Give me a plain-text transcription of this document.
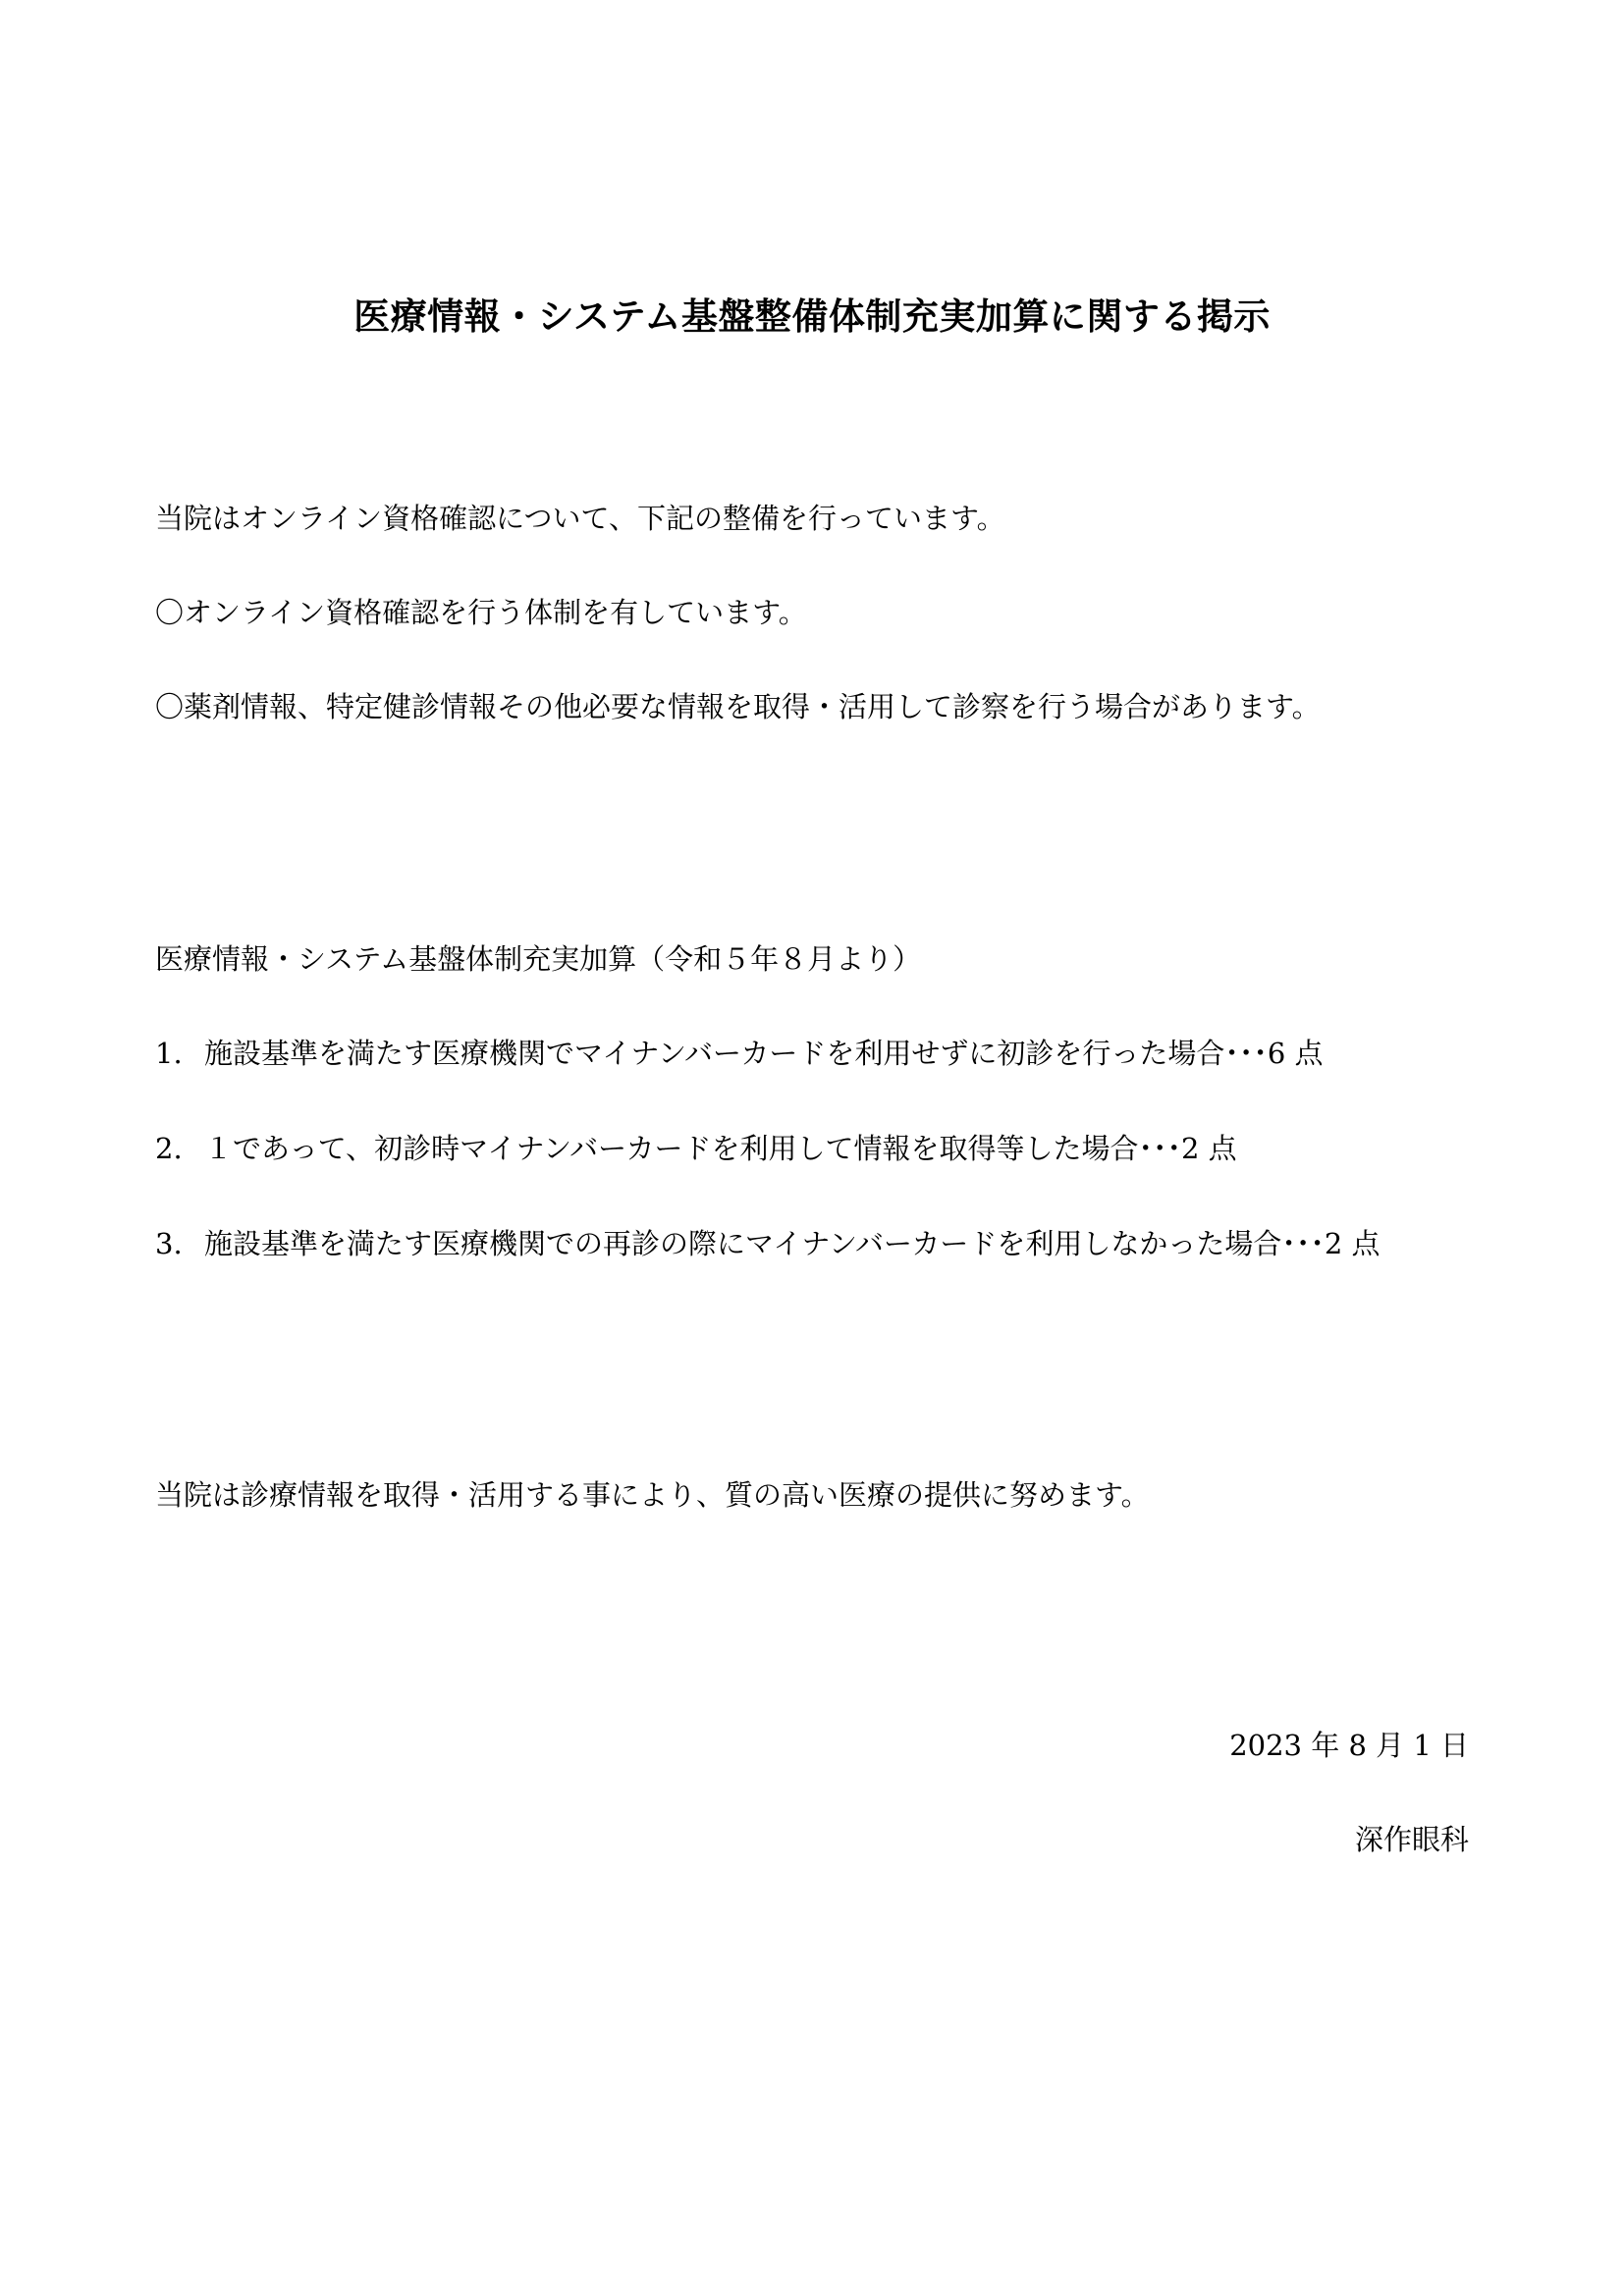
医療情報・システム基盤整備体制充実加算に関する掲示
当院はオンライン資格確認について、下記の整備を行っています。
〇オンライン資格確認を行う体制を有しています。
〇薬剤情報、特定健診情報その他必要な情報を取得・活用して診察を行う場合があります。
医療情報・システム基盤体制充実加算（令和５年８月より）
1. 施設基準を満たす医療機関でマイナンバーカードを利用せずに初診を行った場合･･･6 点
2. １であって、初診時マイナンバーカードを利用して情報を取得等した場合･･･2 点
3. 施設基準を満たす医療機関での再診の際にマイナンバーカードを利用しなかった場合･･･2 点
当院は診療情報を取得・活用する事により、質の高い医療の提供に努めます。
2023 年 8 月 1 日
深作眼科
